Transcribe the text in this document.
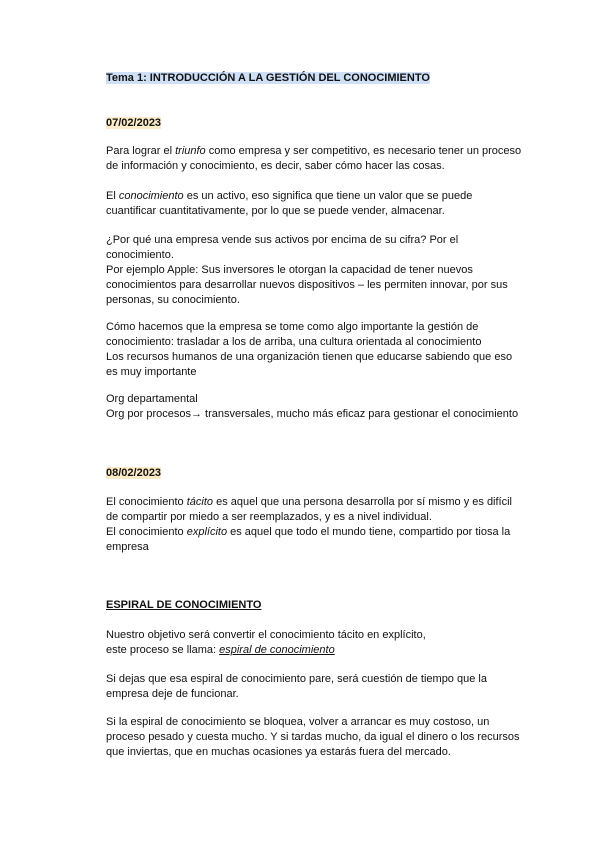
Tema 1: INTRODUCCIÓN A LA GESTIÓN DEL CONOCIMIENTO
07/02/2023
Para lograr el triunfo como empresa y ser competitivo, es necesario tener un proceso
de información y conocimiento, es decir, saber cómo hacer las cosas.
El conocimiento es un activo, eso significa que tiene un valor que se puede
cuantificar cuantitativamente, por lo que se puede vender, almacenar.
¿Por qué una empresa vende sus activos por encima de su cifra? Por el
conocimiento.
Por ejemplo Apple: Sus inversores le otorgan la capacidad de tener nuevos
conocimientos para desarrollar nuevos dispositivos – les permiten innovar, por sus
personas, su conocimiento.
Cómo hacemos que la empresa se tome como algo importante la gestión de
conocimiento: trasladar a los de arriba, una cultura orientada al conocimiento
Los recursos humanos de una organización tienen que educarse sabiendo que eso
es muy importante
Org departamental
Org por procesos→ transversales, mucho más eficaz para gestionar el conocimiento
08/02/2023
El conocimiento tácito es aquel que una persona desarrolla por sí mismo y es difícil
de compartir por miedo a ser reemplazados, y es a nivel individual.
El conocimiento explícito es aquel que todo el mundo tiene, compartido por tiosa la
empresa
ESPIRAL DE CONOCIMIENTO
Nuestro objetivo será convertir el conocimiento tácito en explícito,
este proceso se llama: espiral de conocimiento
Si dejas que esa espiral de conocimiento pare, será cuestión de tiempo que la
empresa deje de funcionar.
Si la espiral de conocimiento se bloquea, volver a arrancar es muy costoso, un
proceso pesado y cuesta mucho. Y si tardas mucho, da igual el dinero o los recursos
que inviertas, que en muchas ocasiones ya estarás fuera del mercado.
